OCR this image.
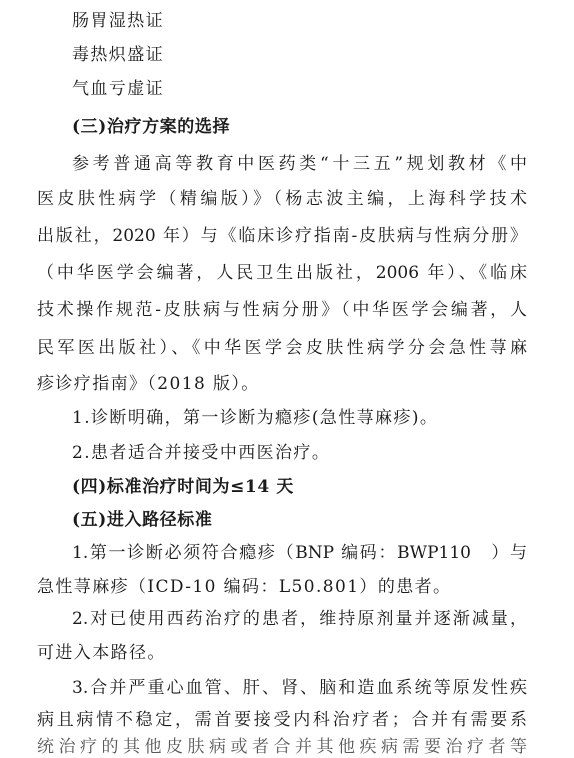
肠胃湿热证
毒热炽盛证
气血亏虚证
(三)治疗方案的选择
参考普通高等教育中医药类“十三五”规划教材《中
医皮肤性病学（精编版）》（杨志波主编，上海科学技术
出版社，2020 年）与《临床诊疗指南-皮肤病与性病分册》
（中华医学会编著，人民卫生出版社，2006 年）、《临床
技术操作规范-皮肤病与性病分册》（中华医学会编著，人
民军医出版社）、《中华医学会皮肤性病学分会急性荨麻
疹诊疗指南》（2018 版）。
1.诊断明确，第一诊断为瘾疹(急性荨麻疹)。
2.患者适合并接受中西医治疗。
(四)标准治疗时间为≤14 天
(五)进入路径标准
1.第一诊断必须符合瘾疹（BNP 编码：BWP110　）与
急性荨麻疹（ICD-10 编码：L50.801）的患者。
2.对已使用西药治疗的患者，维持原剂量并逐渐减量，
可进入本路径。
3.合并严重心血管、肝、肾、脑和造血系统等原发性疾
病且病情不稳定，需首要接受内科治疗者；合并有需要系
统治疗的其他皮肤病或者合并其他疾病需要治疗者等
